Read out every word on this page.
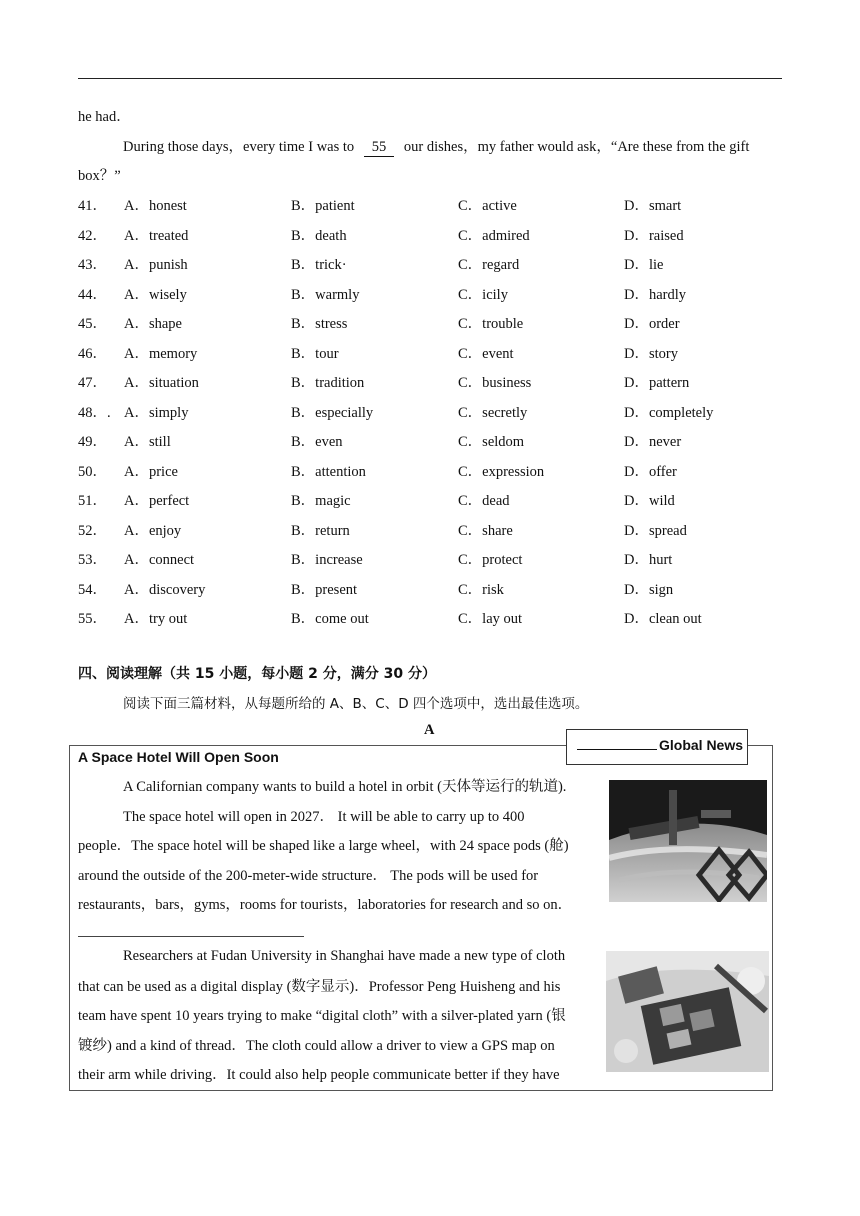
he had．
During those days，every time I was to 55 our dishes，my father would ask，“Are these from the gift
box？”
41． A．honest	B．patient	C．active	D．smart
42． A．treated	B．death	C．admired	D．raised
43． A．punish	B．trick·	C．regard	D．lie
44． A．wisely	B．warmly	C．icily	D．hardly
45． A．shape	B．stress	C．trouble	D．order
46． A．memory	B．tour	C．event	D．story
47． A．situation	B．tradition	C．business	D．pattern
48．. A．simply	B．especially	C．secretly	D．completely
49． A．still	B．even	C．seldom	D．never
50． A．price	B．attention	C．expression	D．offer
51． A．perfect	B．magic	C．dead	D．wild
52． A．enjoy	B．return	C．share	D．spread
53． A．connect	B．increase	C．protect	D．hurt
54． A．discovery	B．present	C．risk	D．sign
55． A．try out	B．come out	C．lay out	D．clean out
四、阅读理解（共 15 小题，每小题 2 分，满分 30 分）
阅读下面三篇材料，从每题所给的 A、B、C、D 四个选项中，选出最佳选项。
A
Global News
A Space Hotel Will Open Soon
A Californian company wants to build a hotel in orbit (天体等运行的轨道).
The space hotel will open in 2027． It will be able to carry up to 400
people．The space hotel will be shaped like a large wheel，with 24 space pods (舱)
around the outside of the 200-meter-wide structure． The pods will be used for
restaurants，bars，gyms，rooms for tourists，laboratories for research and so on．
Researchers at Fudan University in Shanghai have made a new type of cloth
that can be used as a digital display (数字显示)．Professor Peng Huisheng and his
team have spent 10 years trying to make “digital cloth” with a silver-plated yarn (银
镀纱) and a kind of thread．The cloth could allow a driver to view a GPS map on
their arm while driving．It could also help people communicate better if they have
